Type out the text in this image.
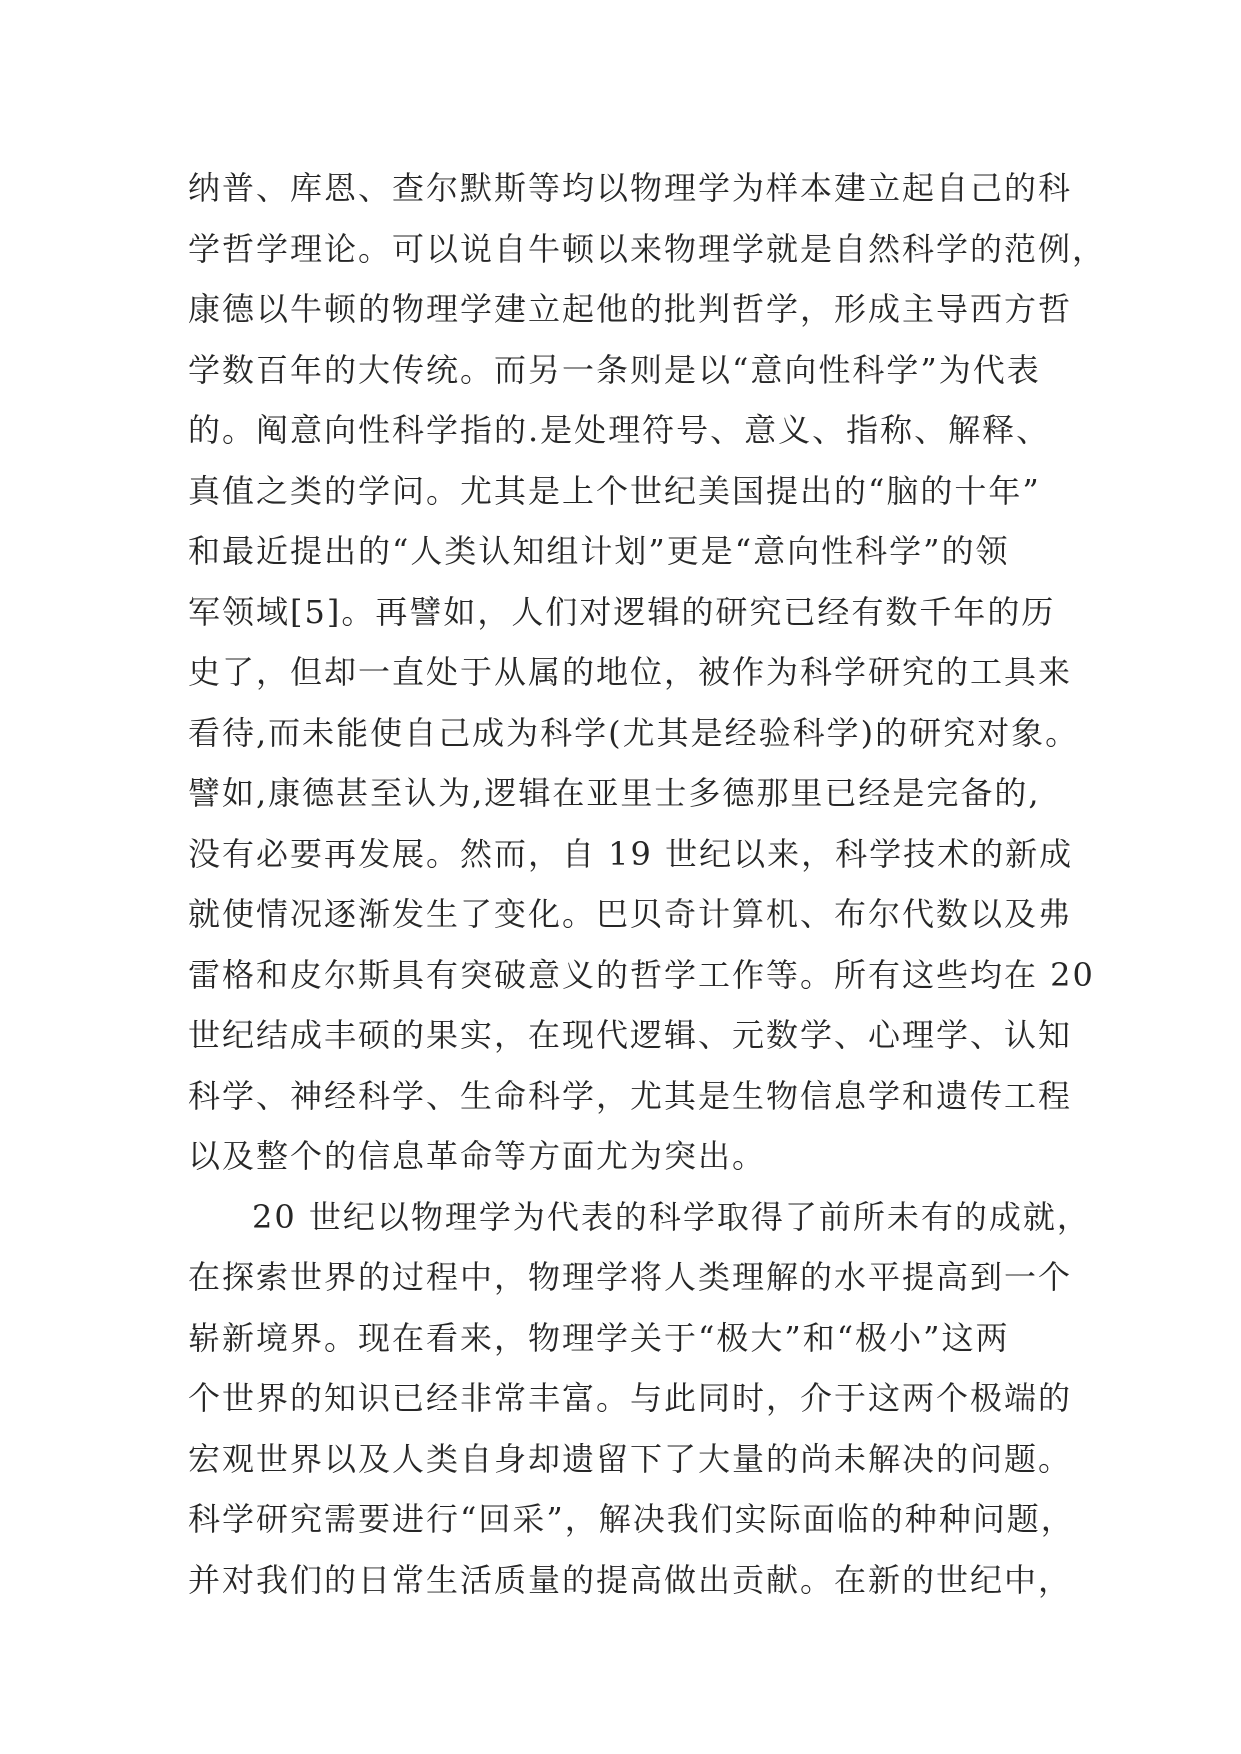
纳普、库恩、查尔默斯等均以物理学为样本建立起自己的科
学哲学理论。可以说自牛顿以来物理学就是自然科学的范例，
康德以牛顿的物理学建立起他的批判哲学，形成主导西方哲
学数百年的大传统。而另一条则是以“意向性科学”为代表
的。阄意向性科学指的.是处理符号、意义、指称、解释、
真值之类的学问。尤其是上个世纪美国提出的“脑的十年”
和最近提出的“人类认知组计划”更是“意向性科学”的领
军领域[5]。再譬如，人们对逻辑的研究已经有数千年的历
史了，但却一直处于从属的地位，被作为科学研究的工具来
看待,而未能使自己成为科学(尤其是经验科学)的研究对象。
譬如,康德甚至认为,逻辑在亚里士多德那里已经是完备的,
没有必要再发展。然而，自 19 世纪以来，科学技术的新成
就使情况逐渐发生了变化。巴贝奇计算机、布尔代数以及弗
雷格和皮尔斯具有突破意义的哲学工作等。所有这些均在 20
世纪结成丰硕的果实，在现代逻辑、元数学、心理学、认知
科学、神经科学、生命科学，尤其是生物信息学和遗传工程
以及整个的信息革命等方面尤为突出。
20 世纪以物理学为代表的科学取得了前所未有的成就，
在探索世界的过程中，物理学将人类理解的水平提高到一个
崭新境界。现在看来，物理学关于“极大”和“极小”这两
个世界的知识已经非常丰富。与此同时，介于这两个极端的
宏观世界以及人类自身却遗留下了大量的尚未解决的问题。
科学研究需要进行“回采”，解决我们实际面临的种种问题，
并对我们的日常生活质量的提高做出贡献。在新的世纪中，
